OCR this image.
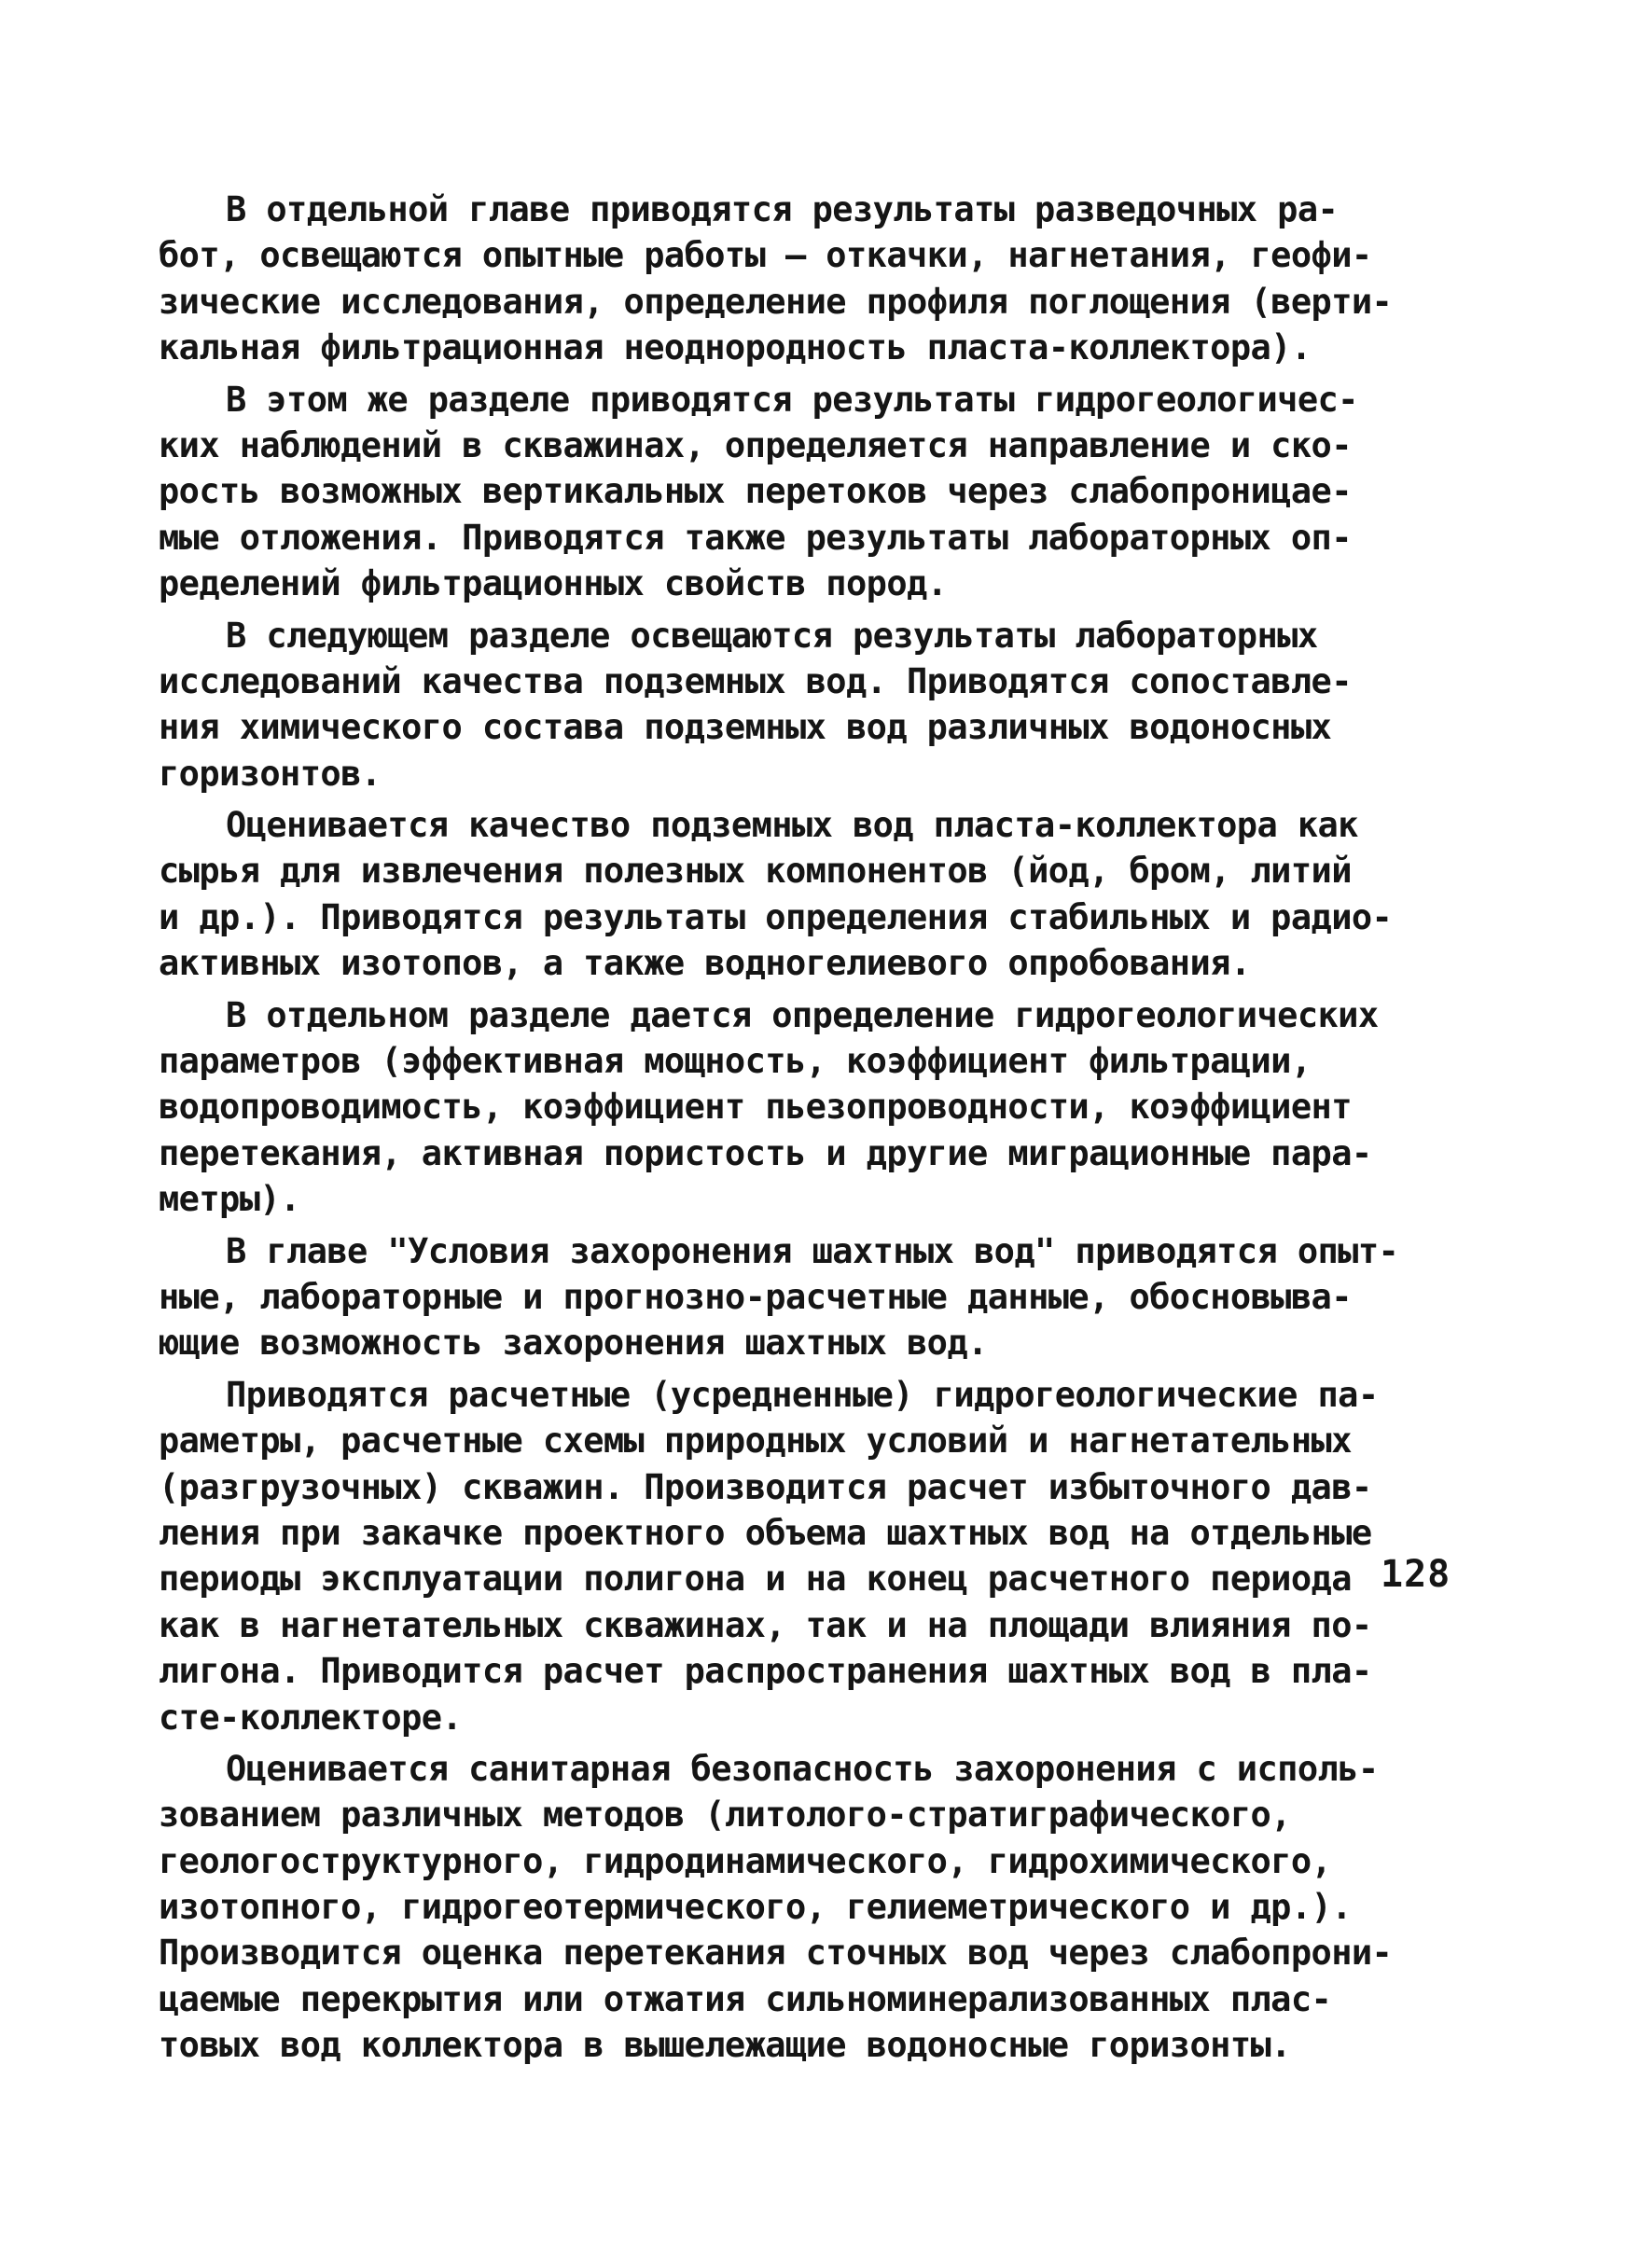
В отдельной главе приводятся результаты разведочных ра-
бот, освещаются опытные работы – откачки, нагнетания, геофи-
зические исследования, определение профиля поглощения (верти-
кальная фильтрационная неоднородность пласта-коллектора).
В этом же разделе приводятся результаты гидрогеологичес-
ких наблюдений в скважинах, определяется направление и ско-
рость возможных вертикальных перетоков через слабопроницае-
мые отложения. Приводятся также результаты лабораторных оп-
ределений фильтрационных свойств пород.
В следующем разделе освещаются результаты лабораторных
исследований качества подземных вод. Приводятся сопоставле-
ния химического состава подземных вод различных водоносных
горизонтов.
Оценивается качество подземных вод пласта-коллектора как
сырья для извлечения полезных компонентов (йод, бром, литий
и др.). Приводятся результаты определения стабильных и радио-
активных изотопов, а также водногелиевого опробования.
В отдельном разделе дается определение гидрогеологических
параметров (эффективная мощность, коэффициент фильтрации,
водопроводимость, коэффициент пьезопроводности, коэффициент
перетекания, активная пористость и другие миграционные пара-
метры).
В главе "Условия захоронения шахтных вод" приводятся опыт-
ные, лабораторные и прогнозно-расчетные данные, обосновыва-
ющие возможность захоронения шахтных вод.
Приводятся расчетные (усредненные) гидрогеологические па-
раметры, расчетные схемы природных условий и нагнетательных
(разгрузочных) скважин. Производится расчет избыточного дав-
ления при закачке проектного объема шахтных вод на отдельные
периоды эксплуатации полигона и на конец расчетного периода
как в нагнетательных скважинах, так и на площади влияния по-
лигона. Приводится расчет распространения шахтных вод в пла-
сте-коллекторе.
Оценивается санитарная безопасность захоронения с исполь-
зованием различных методов (литолого-стратиграфического,
геологоструктурного, гидродинамического, гидрохимического,
изотопного, гидрогеотермического, гелиеметрического и др.).
Производится оценка перетекания сточных вод через слабопрони-
цаемые перекрытия или отжатия сильноминерализованных плас-
товых вод коллектора в вышележащие водоносные горизонты.
128
